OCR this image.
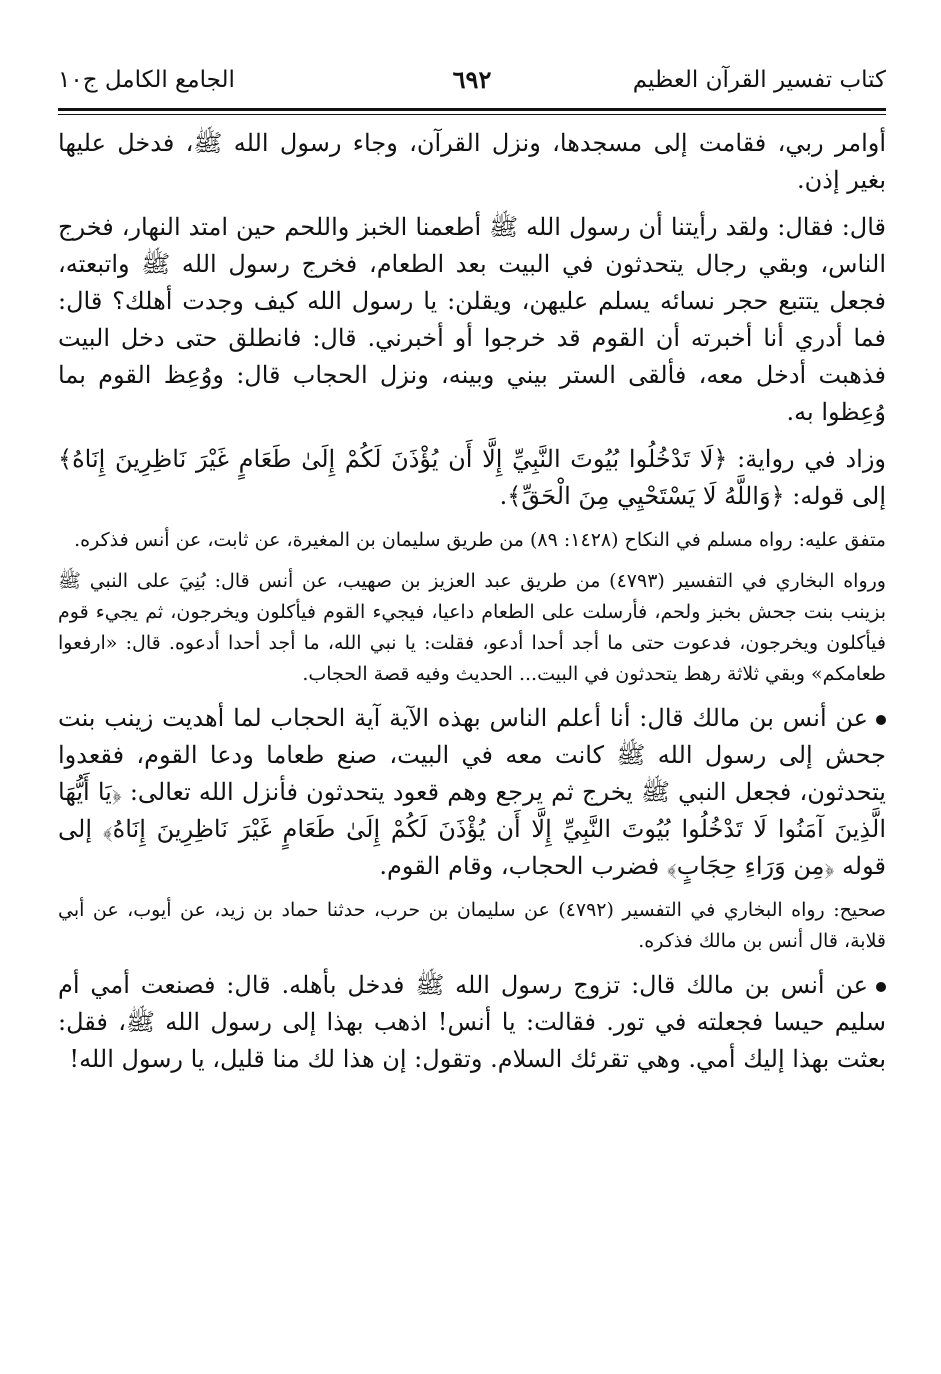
كتاب تفسير القرآن العظيم
٦٩٢
الجامع الكامل ج١٠

أوامر ربي، فقامت إلى مسجدها، ونزل القرآن، وجاء رسول الله ﷺ، فدخل عليها بغير إذن.

قال: فقال: ولقد رأيتنا أن رسول الله ﷺ أطعمنا الخبز واللحم حين امتد النهار، فخرج الناس، وبقي رجال يتحدثون في البيت بعد الطعام، فخرج رسول الله ﷺ واتبعته، فجعل يتتبع حجر نسائه يسلم عليهن، ويقلن: يا رسول الله كيف وجدت أهلك؟ قال: فما أدري أنا أخبرته أن القوم قد خرجوا أو أخبرني. قال: فانطلق حتى دخل البيت فذهبت أدخل معه، فألقى الستر بيني وبينه، ونزل الحجاب قال: ووُعِظ القوم بما وُعِظوا به.

وزاد في رواية: ﴿لَا تَدْخُلُوا بُيُوتَ النَّبِيِّ إِلَّا أَن يُؤْذَنَ لَكُمْ إِلَىٰ طَعَامٍ غَيْرَ نَاظِرِينَ إِنَاهُ﴾ إلى قوله: ﴿وَاللَّهُ لَا يَسْتَحْيِي مِنَ الْحَقِّ﴾.

متفق عليه: رواه مسلم في النكاح (١٤٢٨: ٨٩) من طريق سليمان بن المغيرة، عن ثابت، عن أنس فذكره.

ورواه البخاري في التفسير (٤٧٩٣) من طريق عبد العزيز بن صهيب، عن أنس قال: بُنِيَ على النبي ﷺ بزينب بنت جحش بخبز ولحم، فأرسلت على الطعام داعيا، فيجيء القوم فيأكلون ويخرجون، ثم يجيء قوم فيأكلون ويخرجون، فدعوت حتى ما أجد أحدا أدعو، فقلت: يا نبي الله، ما أجد أحدا أدعوه. قال: «ارفعوا طعامكم» وبقي ثلاثة رهط يتحدثون في البيت... الحديث وفيه قصة الحجاب.

عن أنس بن مالك قال: أنا أعلم الناس بهذه الآية آية الحجاب لما أهديت زينب بنت جحش إلى رسول الله ﷺ كانت معه في البيت، صنع طعاما ودعا القوم، فقعدوا يتحدثون، فجعل النبي ﷺ يخرج ثم يرجع وهم قعود يتحدثون فأنزل الله تعالى: ﴿يَا أَيُّهَا الَّذِينَ آمَنُوا لَا تَدْخُلُوا بُيُوتَ النَّبِيِّ إِلَّا أَن يُؤْذَنَ لَكُمْ إِلَىٰ طَعَامٍ غَيْرَ نَاظِرِينَ إِنَاهُ﴾ إلى قوله ﴿مِن وَرَاءِ حِجَابٍ﴾ فضرب الحجاب، وقام القوم.

صحيح: رواه البخاري في التفسير (٤٧٩٢) عن سليمان بن حرب، حدثنا حماد بن زيد، عن أيوب، عن أبي قلابة، قال أنس بن مالك فذكره.

عن أنس بن مالك قال: تزوج رسول الله ﷺ فدخل بأهله. قال: فصنعت أمي أم سليم حيسا فجعلته في تور. فقالت: يا أنس! اذهب بهذا إلى رسول الله ﷺ، فقل: بعثت بهذا إليك أمي. وهي تقرئك السلام. وتقول: إن هذا لك منا قليل، يا رسول الله!
